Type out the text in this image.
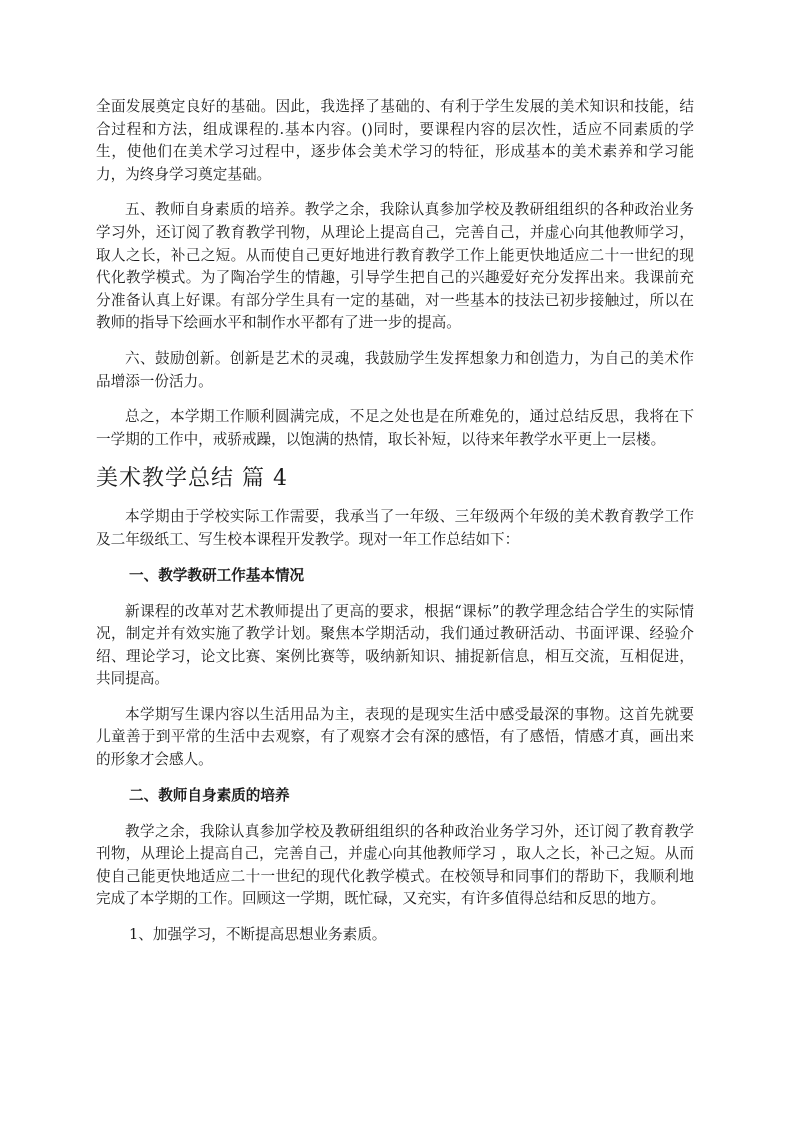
全面发展奠定良好的基础。因此，我选择了基础的、有利于学生发展的美术知识和技能，结合过程和方法，组成课程的.基本内容。()同时，要课程内容的层次性，适应不同素质的学生，使他们在美术学习过程中，逐步体会美术学习的特征，形成基本的美术素养和学习能力，为终身学习奠定基础。

五、教师自身素质的培养。教学之余，我除认真参加学校及教研组组织的各种政治业务学习外，还订阅了教育教学刊物，从理论上提高自己，完善自己，并虚心向其他教师学习，取人之长，补己之短。从而使自己更好地进行教育教学工作上能更快地适应二十一世纪的现代化教学模式。为了陶冶学生的情趣，引导学生把自己的兴趣爱好充分发挥出来。我课前充分准备认真上好课。有部分学生具有一定的基础，对一些基本的技法已初步接触过，所以在教师的指导下绘画水平和制作水平都有了进一步的提高。

六、鼓励创新。创新是艺术的灵魂，我鼓励学生发挥想象力和创造力，为自己的美术作品增添一份活力。

总之，本学期工作顺利圆满完成，不足之处也是在所难免的，通过总结反思，我将在下一学期的工作中，戒骄戒躁，以饱满的热情，取长补短，以待来年教学水平更上一层楼。

美术教学总结 篇 4

本学期由于学校实际工作需要，我承当了一年级、三年级两个年级的美术教育教学工作及二年级纸工、写生校本课程开发教学。现对一年工作总结如下：

一、教学教研工作基本情况

新课程的改革对艺术教师提出了更高的要求，根据“课标”的教学理念结合学生的实际情况，制定并有效实施了教学计划。聚焦本学期活动，我们通过教研活动、书面评课、经验介绍、理论学习，论文比赛、案例比赛等，吸纳新知识、捕捉新信息，相互交流，互相促进，共同提高。

本学期写生课内容以生活用品为主，表现的是现实生活中感受最深的事物。这首先就要儿童善于到平常的生活中去观察，有了观察才会有深的感悟，有了感悟，情感才真，画出来的形象才会感人。

二、教师自身素质的培养

教学之余，我除认真参加学校及教研组组织的各种政治业务学习外，还订阅了教育教学刊物，从理论上提高自己，完善自己，并虚心向其他教师学习 ，取人之长，补己之短。从而使自己能更快地适应二十一世纪的现代化教学模式。在校领导和同事们的帮助下，我顺利地完成了本学期的工作。回顾这一学期，既忙碌，又充实，有许多值得总结和反思的地方。

1、加强学习，不断提高思想业务素质。
